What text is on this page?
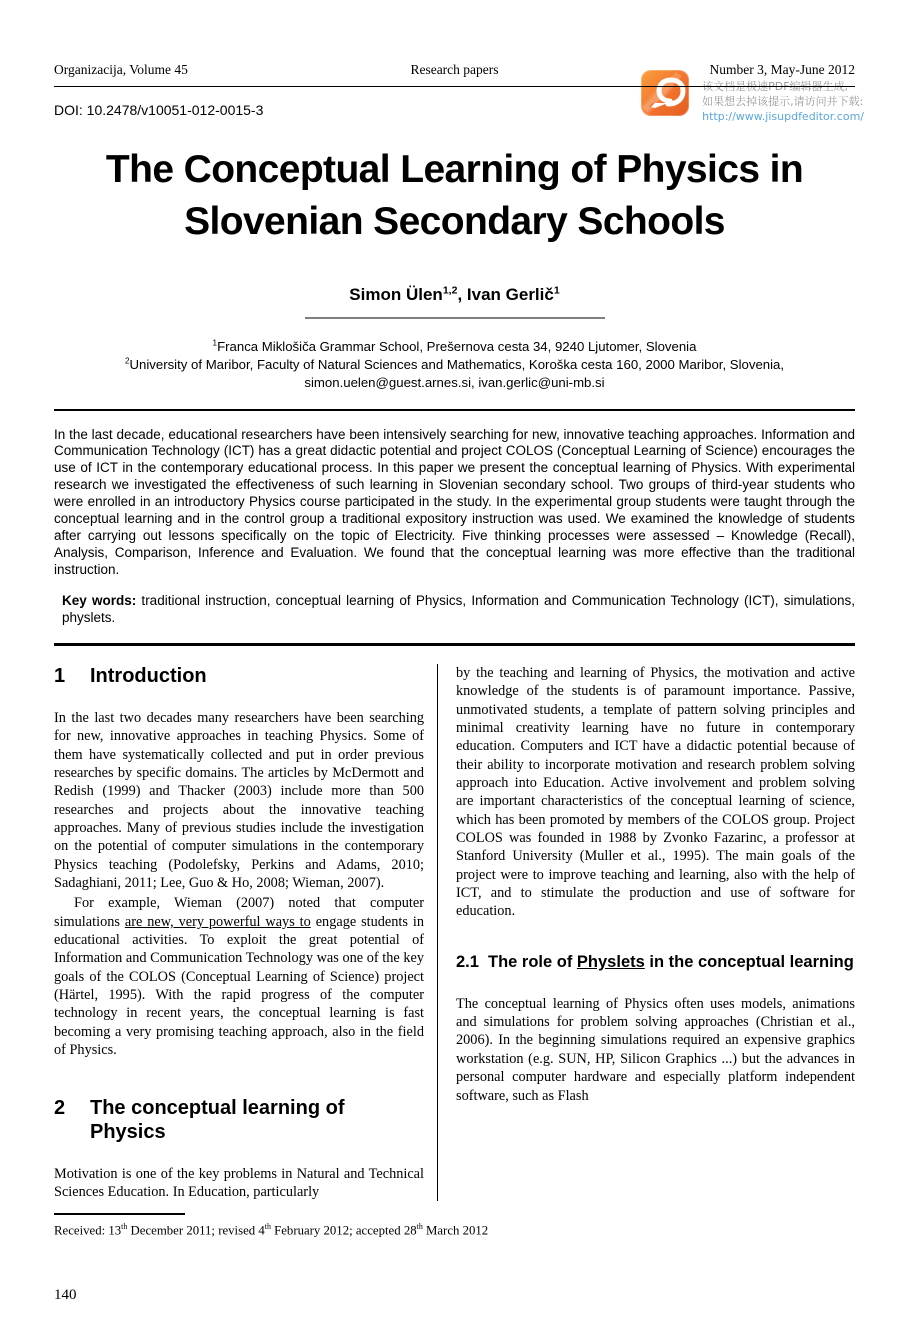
该文档是极速PDF编辑器生成,
如果想去掉该提示,请访问并下载:
http://www.jisupdfeditor.com/
Organizacija, Volume 45	Research papers	Number 3, May-June 2012
DOI: 10.2478/v10051-012-0015-3
The Conceptual Learning of Physics in
Slovenian Secondary Schools
Simon Ülen$^{1,2}$, Ivan Gerlič$^1$
$^1$Franca Miklošiča Grammar School, Prešernova cesta 34, 9240 Ljutomer, Slovenia
$^2$University of Maribor, Faculty of Natural Sciences and Mathematics, Koroška cesta 160, 2000 Maribor, Slovenia,
simon.uelen@guest.arnes.si, ivan.gerlic@uni-mb.si

In the last decade, educational researchers have been intensively searching for new, innovative teaching approaches. Information and Communication Technology (ICT) has a great didactic potential and project COLOS (Conceptual Learning of Science) encourages the use of ICT in the contemporary educational process. In this paper we present the conceptual learning of Physics. With experimental research we investigated the effectiveness of such learning in Slovenian secondary school. Two groups of third-year students who were enrolled in an introductory Physics course participated in the study. In the experimental group students were taught through the conceptual learning and in the control group a traditional expository instruction was used. We examined the knowledge of students after carrying out lessons specifically on the topic of Electricity. Five thinking processes were assessed – Knowledge (Recall), Analysis, Comparison, Inference and Evaluation. We found that the conceptual learning was more effective than the traditional instruction.

Key words: traditional instruction, conceptual learning of Physics, Information and Communication Technology (ICT), simulations, physlets.

1	Introduction

In the last two decades many researchers have been searching for new, innovative approaches in teaching Physics. Some of them have systematically collected and put in order previous researches by specific domains. The articles by McDermott and Redish (1999) and Thacker (2003) include more than 500 researches and projects about the innovative teaching approaches. Many of previous studies include the investigation on the potential of computer simulations in the contemporary Physics teaching (Podolefsky, Perkins and Adams, 2010; Sadaghiani, 2011; Lee, Guo & Ho, 2008; Wieman, 2007).

For example, Wieman (2007) noted that computer simulations are new, very powerful ways to engage students in educational activities. To exploit the great potential of Information and Communication Technology was one of the key goals of the COLOS (Conceptual Learning of Science) project (Härtel, 1995). With the rapid progress of the computer technology in recent years, the conceptual learning is fast becoming a very promising teaching approach, also in the field of Physics.

2	The conceptual learning of Physics

Motivation is one of the key problems in Natural and Technical Sciences Education. In Education, particularly

by the teaching and learning of Physics, the motivation and active knowledge of the students is of paramount importance. Passive, unmotivated students, a template of pattern solving principles and minimal creativity learning have no future in contemporary education. Computers and ICT have a didactic potential because of their ability to incorporate motivation and research problem solving approach into Education. Active involvement and problem solving are important characteristics of the conceptual learning of science, which has been promoted by members of the COLOS group. Project COLOS was founded in 1988 by Zvonko Fazarinc, a professor at Stanford University (Muller et al., 1995). The main goals of the project were to improve teaching and learning, also with the help of ICT, and to stimulate the production and use of software for education.

2.1 The role of Physlets in the conceptual learning

The conceptual learning of Physics often uses models, animations and simulations for problem solving approaches (Christian et al., 2006). In the beginning simulations required an expensive graphics workstation (e.g. SUN, HP, Silicon Graphics ...) but the advances in personal computer hardware and especially platform independent software, such as Flash

Received: 13th December 2011; revised 4th February 2012; accepted 28th March 2012
140
